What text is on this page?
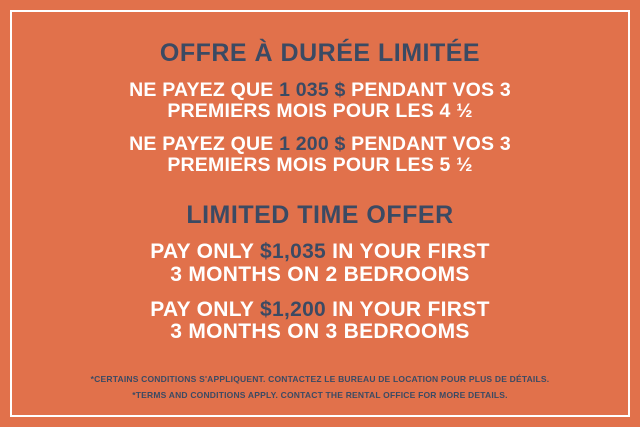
OFFRE À DURÉE LIMITÉE
NE PAYEZ QUE 1 035 $ PENDANT VOS 3
PREMIERS MOIS POUR LES 4 ½
NE PAYEZ QUE 1 200 $ PENDANT VOS 3
PREMIERS MOIS POUR LES 5 ½
LIMITED TIME OFFER
PAY ONLY $1,035 IN YOUR FIRST
3 MONTHS ON 2 BEDROOMS
PAY ONLY $1,200 IN YOUR FIRST
3 MONTHS ON 3 BEDROOMS
*CERTAINS CONDITIONS S'APPLIQUENT. CONTACTEZ LE BUREAU DE LOCATION POUR PLUS DE DÉTAILS.
*TERMS AND CONDITIONS APPLY. CONTACT THE RENTAL OFFICE FOR MORE DETAILS.
